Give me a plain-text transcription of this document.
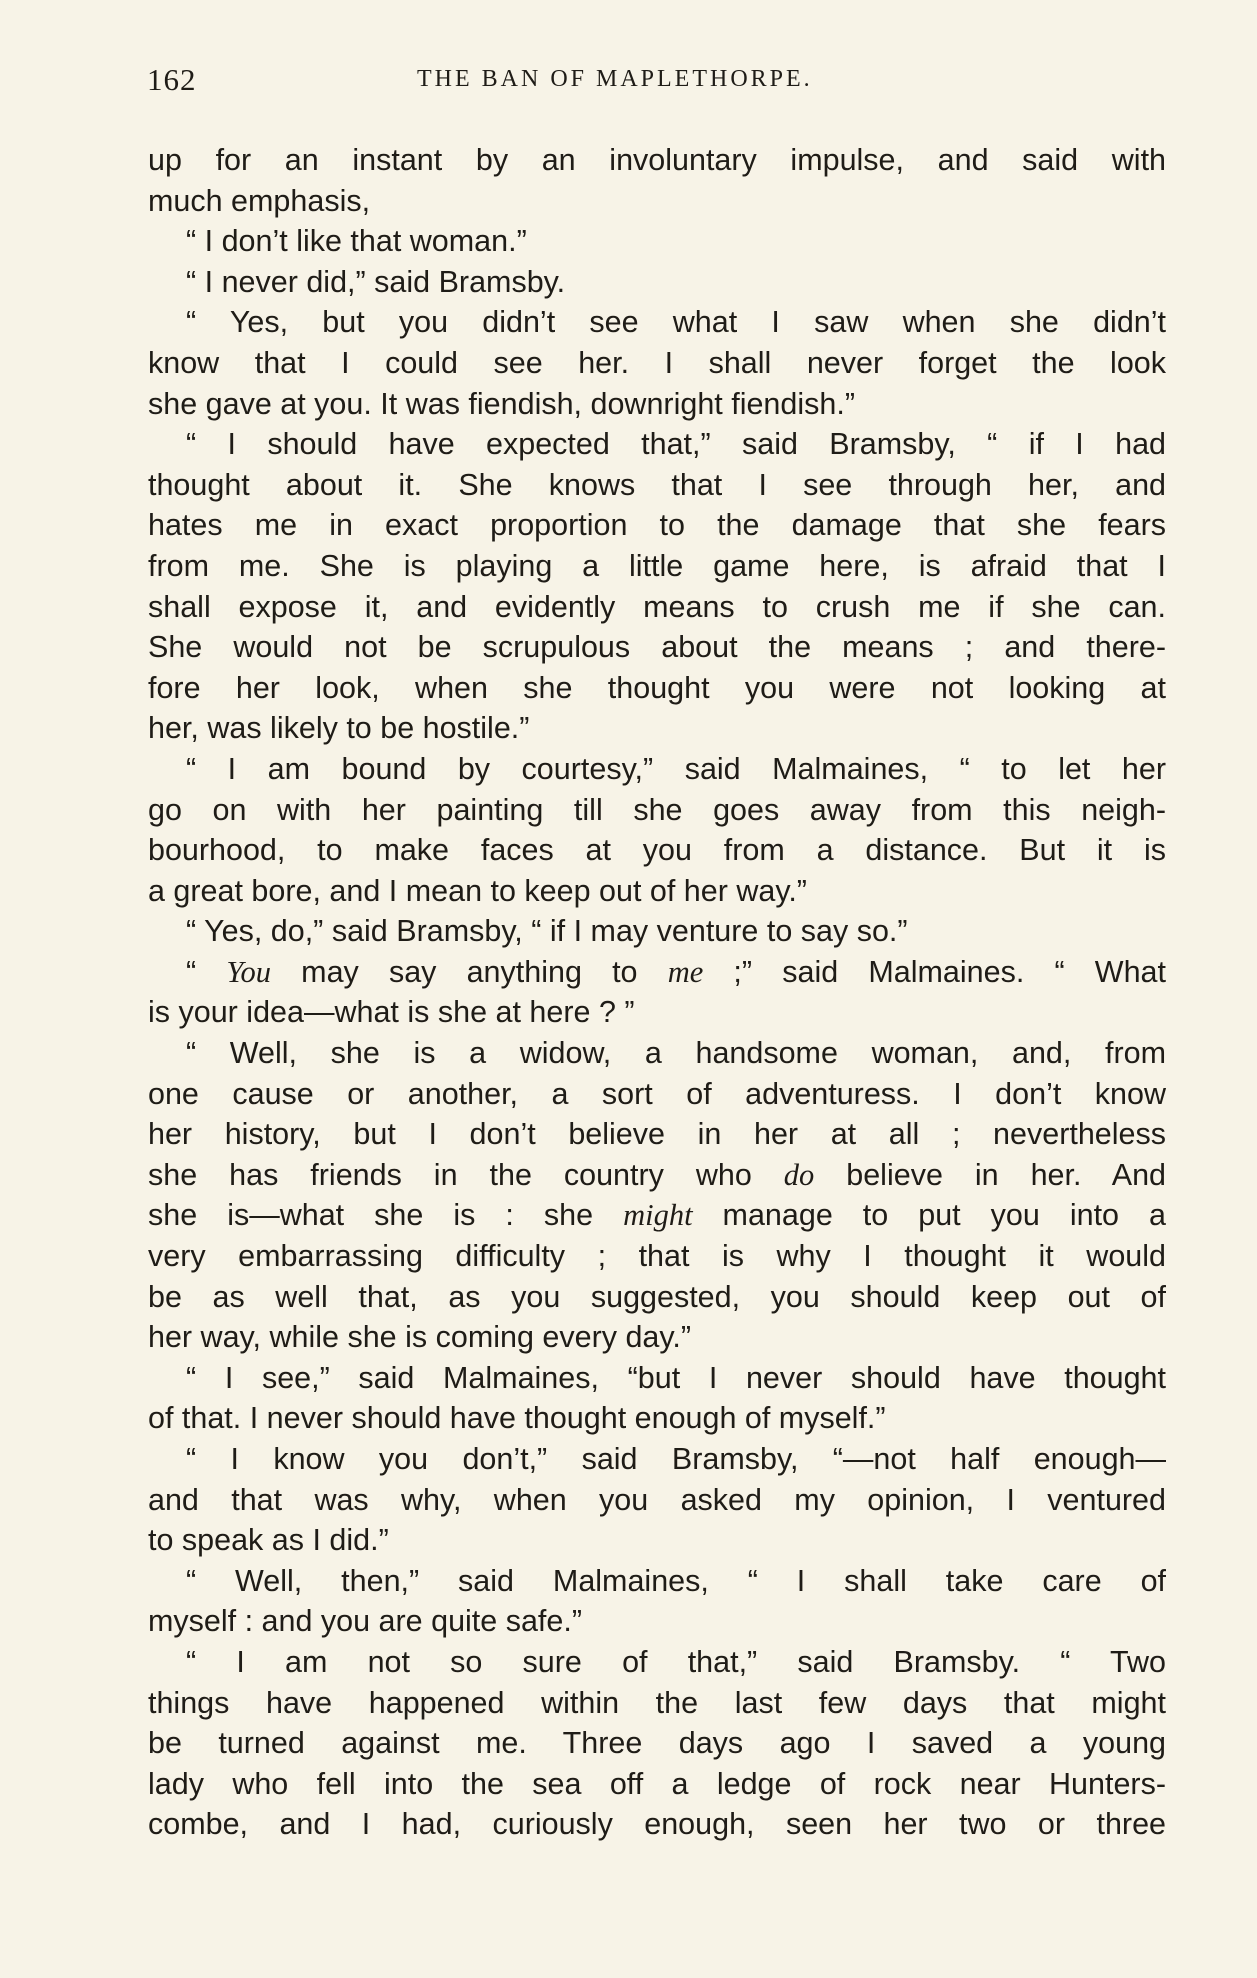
162	THE BAN OF MAPLETHORPE.
up for an instant by an involuntary impulse, and said with
much emphasis,
“ I don’t like that woman.”
“ I never did,” said Bramsby.
“ Yes, but you didn’t see what I saw when she didn’t
know that I could see her. I shall never forget the look
she gave at you. It was fiendish, downright fiendish.”
“ I should have expected that,” said Bramsby, “ if I had
thought about it. She knows that I see through her, and
hates me in exact proportion to the damage that she fears
from me. She is playing a little game here, is afraid that I
shall expose it, and evidently means to crush me if she can.
She would not be scrupulous about the means ; and there-
fore her look, when she thought you were not looking at
her, was likely to be hostile.”
“ I am bound by courtesy,” said Malmaines, “ to let her
go on with her painting till she goes away from this neigh-
bourhood, to make faces at you from a distance. But it is
a great bore, and I mean to keep out of her way.”
“ Yes, do,” said Bramsby, “ if I may venture to say so.”
“ You may say anything to me ;” said Malmaines. “ What
is your idea—what is she at here ? ”
“ Well, she is a widow, a handsome woman, and, from
one cause or another, a sort of adventuress. I don’t know
her history, but I don’t believe in her at all ; nevertheless
she has friends in the country who do believe in her. And
she is—what she is : she might manage to put you into a
very embarrassing difficulty ; that is why I thought it would
be as well that, as you suggested, you should keep out of
her way, while she is coming every day.”
“ I see,” said Malmaines, “but I never should have thought
of that. I never should have thought enough of myself.”
“ I know you don’t,” said Bramsby, “—not half enough—
and that was why, when you asked my opinion, I ventured
to speak as I did.”
“ Well, then,” said Malmaines, “ I shall take care of
myself : and you are quite safe.”
“ I am not so sure of that,” said Bramsby. “ Two
things have happened within the last few days that might
be turned against me. Three days ago I saved a young
lady who fell into the sea off a ledge of rock near Hunters-
combe, and I had, curiously enough, seen her two or three
